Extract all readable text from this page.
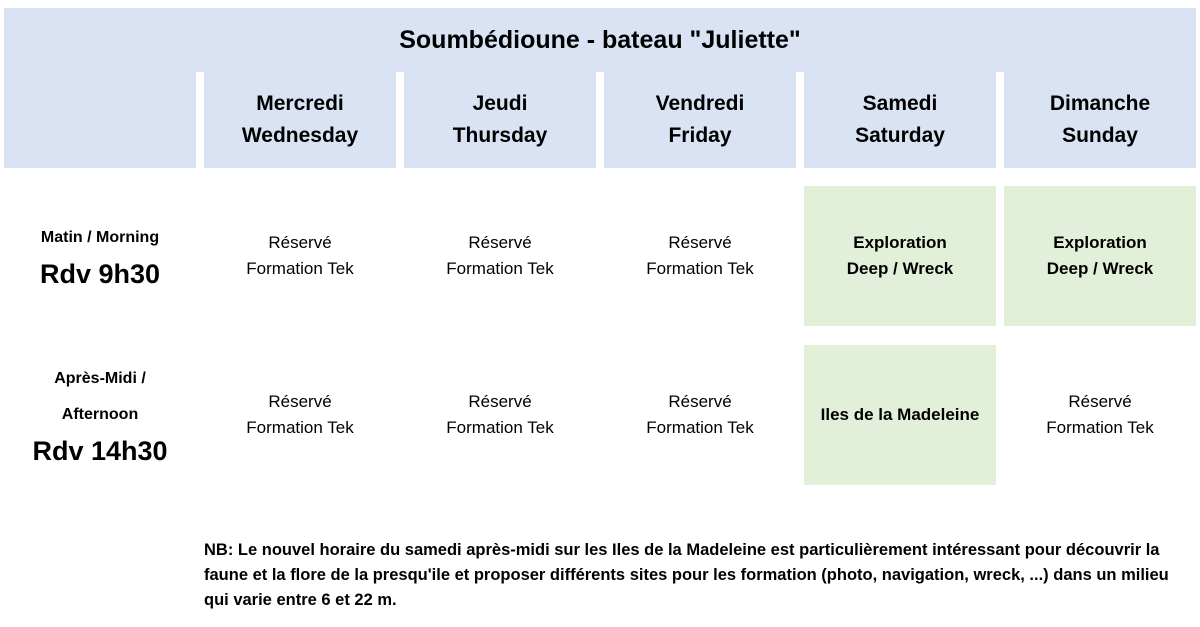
Soumbédioune - bateau "Juliette"
Mercredi
Wednesday
Jeudi
Thursday
Vendredi
Friday
Samedi
Saturday
Dimanche
Sunday
Matin / Morning
Rdv 9h30
Réservé
Formation Tek
Réservé
Formation Tek
Réservé
Formation Tek
Exploration
Deep / Wreck
Exploration
Deep / Wreck
Après-Midi /
Afternoon
Rdv 14h30
Réservé
Formation Tek
Réservé
Formation Tek
Réservé
Formation Tek
Iles de la Madeleine
Réservé
Formation Tek
NB: Le nouvel horaire du samedi après-midi sur les Iles de la Madeleine est particulièrement intéressant pour découvrir la faune et la flore de la presqu'ile et proposer différents sites pour les formation (photo, navigation, wreck, ...) dans un milieu qui varie entre 6 et 22 m.
